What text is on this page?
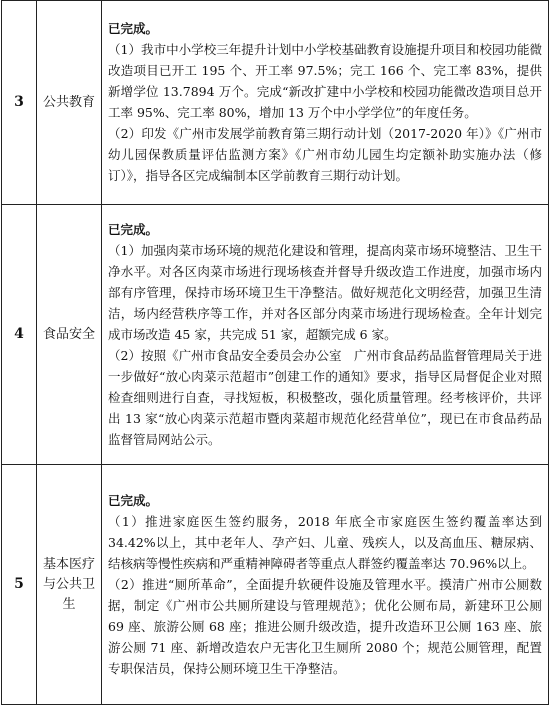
3	公共教育	已完成。

（1）我市中小学校三年提升计划中小学校基础教育设施提升项目和校园功能微改造项目已开工 195 个、开工率 97.5%；完工 166 个、完工率 83%，提供新增学位 13.7894 万个。完成“新改扩建中小学校和校园功能微改造项目总开工率 95%、完工率 80%，增加 13 万个中小学学位”的年度任务。

（2）印发《广州市发展学前教育第三期行动计划（2017-2020 年）》《广州市幼儿园保教质量评估监测方案》《广州市幼儿园生均定额补助实施办法（修订）》，指导各区完成编制本区学前教育三期行动计划。

4	食品安全	已完成。

（1）加强肉菜市场环境的规范化建设和管理，提高肉菜市场环境整洁、卫生干净水平。对各区肉菜市场进行现场核查并督导升级改造工作进度，加强市场内部有序管理，保持市场环境卫生干净整洁。做好规范化文明经营，加强卫生清洁，场内经营秩序等工作，并对各区部分肉菜市场进行现场检查。全年计划完成市场改造 45 家，共完成 51 家，超额完成 6 家。

（2）按照《广州市食品安全委员会办公室　广州市食品药品监督管理局关于进一步做好“放心肉菜示范超市”创建工作的通知》要求，指导区局督促企业对照检查细则进行自查，寻找短板，积极整改，强化质量管理。经考核评价，共评出 13 家“放心肉菜示范超市暨肉菜超市规范化经营单位”，现已在市食品药品监督管局网站公示。

5	基本医疗与公共卫生	已完成。

（1）推进家庭医生签约服务，2018 年底全市家庭医生签约覆盖率达到 34.42%以上，其中老年人、孕产妇、儿童、残疾人，以及高血压、糖尿病、结核病等慢性疾病和严重精神障碍者等重点人群签约覆盖率达 70.96%以上。

（2）推进“厕所革命”，全面提升软硬件设施及管理水平。摸清广州市公厕数据，制定《广州市公共厕所建设与管理规范》；优化公厕布局，新建环卫公厕 69 座、旅游公厕 68 座；推进公厕升级改造，提升改造环卫公厕 163 座、旅游公厕 71 座、新增改造农户无害化卫生厕所 2080 个；规范公厕管理，配置专职保洁员，保持公厕环境卫生干净整洁。
